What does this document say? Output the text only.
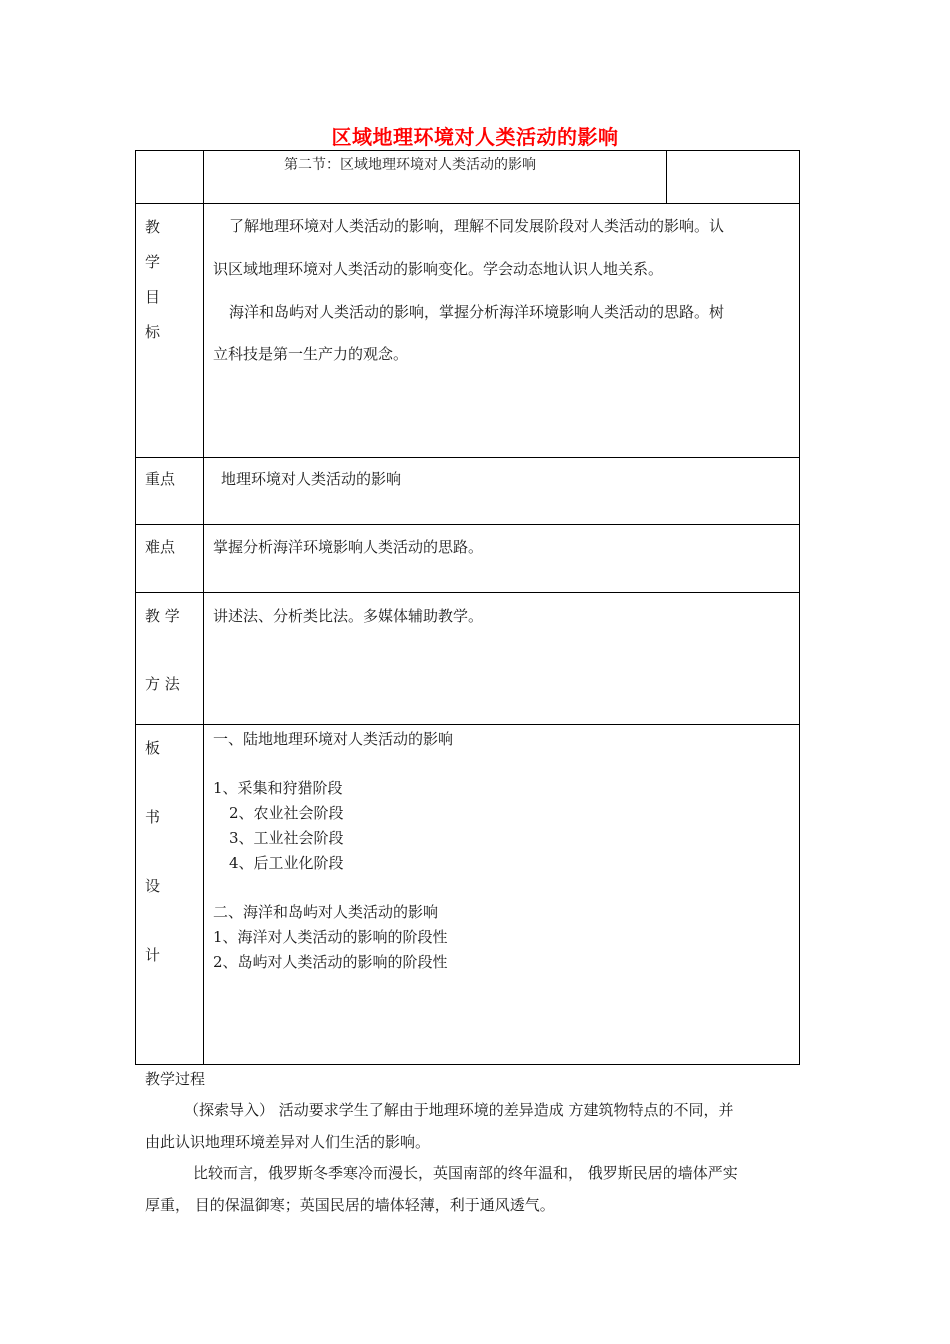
区域地理环境对人类活动的影响
第二节：区域地理环境对人类活动的影响
教
学
目
标
了解地理环境对人类活动的影响，理解不同发展阶段对人类活动的影响。认
识区域地理环境对人类活动的影响变化。学会动态地认识人地关系。
海洋和岛屿对人类活动的影响，掌握分析海洋环境影响人类活动的思路。树
立科技是第一生产力的观念。
重点	地理环境对人类活动的影响
难点	掌握分析海洋环境影响人类活动的思路。
教 学
方 法
讲述法、分析类比法。多媒体辅助教学。
板
书
设
计
一、陆地地理环境对人类活动的影响
1、采集和狩猎阶段
2、农业社会阶段
3、工业社会阶段
4、后工业化阶段
二、海洋和岛屿对人类活动的影响
1、海洋对人类活动的影响的阶段性
2、岛屿对人类活动的影响的阶段性
教学过程
（探索导入） 活动要求学生了解由于地理环境的差异造成 方建筑物特点的不同，并
由此认识地理环境差异对人们生活的影响。
比较而言，俄罗斯冬季寒冷而漫长，英国南部的终年温和， 俄罗斯民居的墙体严实
厚重， 目的保温御寒；英国民居的墙体轻薄，利于通风透气。
